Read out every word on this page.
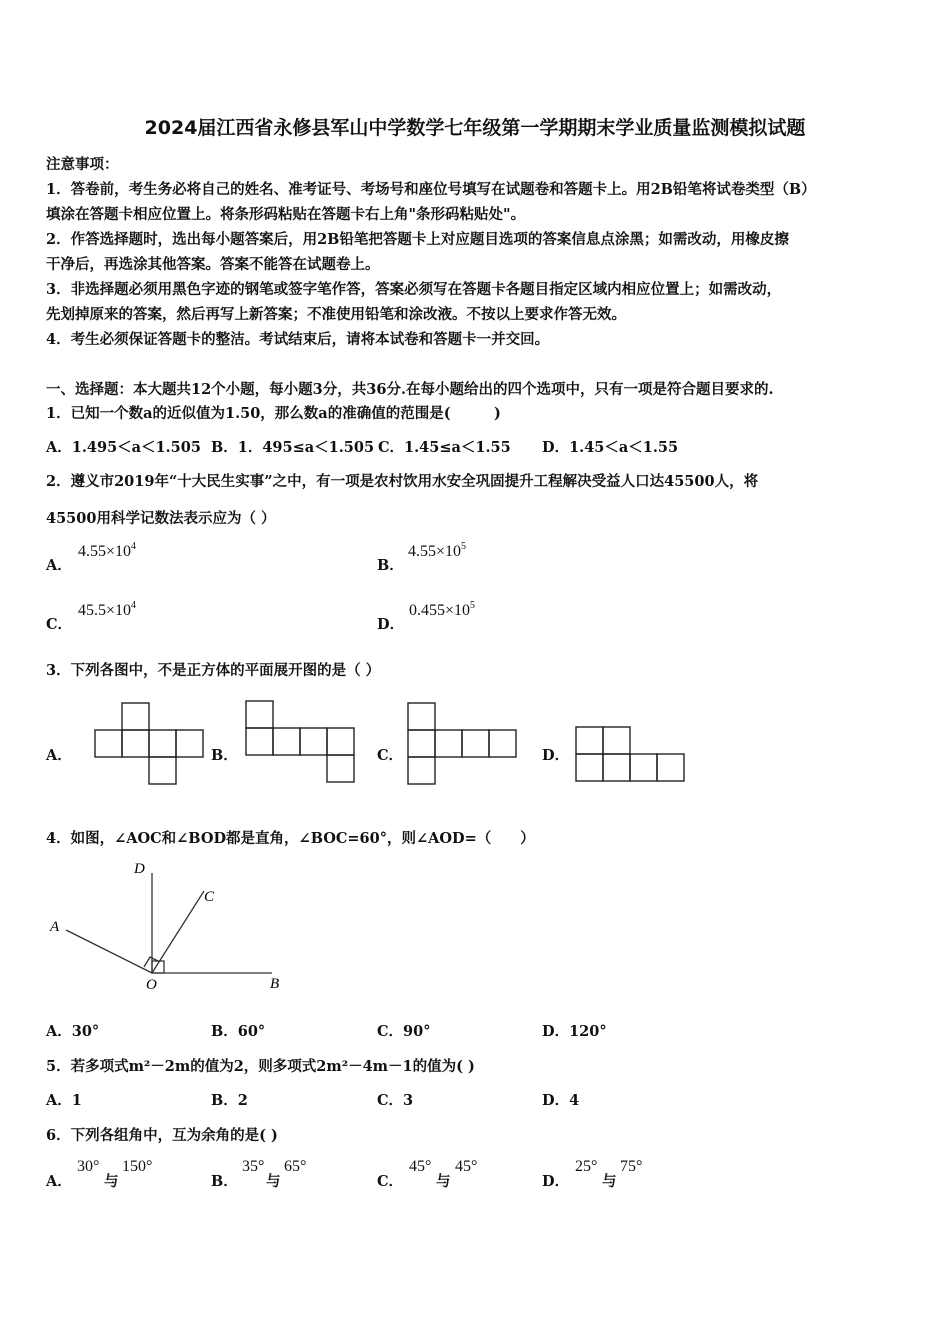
2024届江西省永修县军山中学数学七年级第一学期期末学业质量监测模拟试题
注意事项：
1．答卷前，考生务必将自己的姓名、准考证号、考场号和座位号填写在试题卷和答题卡上。用2B铅笔将试卷类型（B）
填涂在答题卡相应位置上。将条形码粘贴在答题卡右上角"条形码粘贴处"。
2．作答选择题时，选出每小题答案后，用2B铅笔把答题卡上对应题目选项的答案信息点涂黑；如需改动，用橡皮擦
干净后，再选涂其他答案。答案不能答在试题卷上。
3．非选择题必须用黑色字迹的钢笔或签字笔作答，答案必须写在答题卡各题目指定区域内相应位置上；如需改动，
先划掉原来的答案，然后再写上新答案；不准使用铅笔和涂改液。不按以上要求作答无效。
4．考生必须保证答题卡的整洁。考试结束后，请将本试卷和答题卡一并交回。
一、选择题：本大题共12个小题，每小题3分，共36分.在每小题给出的四个选项中，只有一项是符合题目要求的.
1．已知一个数a的近似值为1.50，那么数a的准确值的范围是(　　　)
A．1.495＜a＜1.505 B．1．495≤a＜1.505 C．1.45≤a＜1.55 D．1.45＜a＜1.55
2．遵义市2019年“十大民生实事”之中，有一项是农村饮用水安全巩固提升工程解决受益人口达45500人，将
45500用科学记数法表示应为（ ）
A．
$4.55\times 10^4$
B．
$4.55\times 10^5$
C．
$45.5\times 10^4$
D．
$0.455\times 10^5$
3．下列各图中，不是正方体的平面展开图的是（ ）
A．	B．	C．	D．
4．如图，∠AOC和∠BOD都是直角，∠BOC=60°，则∠AOD=（　　）
D
C
A
O	B
A．30°	B．60°	C．90°	D．120°
5．若多项式m²－2m的值为2，则多项式2m²－4m－1的值为( )
A．1	B．2	C．3	D．4
6．下列各组角中，互为余角的是( )
A．
30°
与
150°
B．
35°
与
65°
C．
45°
与
45°
D．
25°
与
75°
